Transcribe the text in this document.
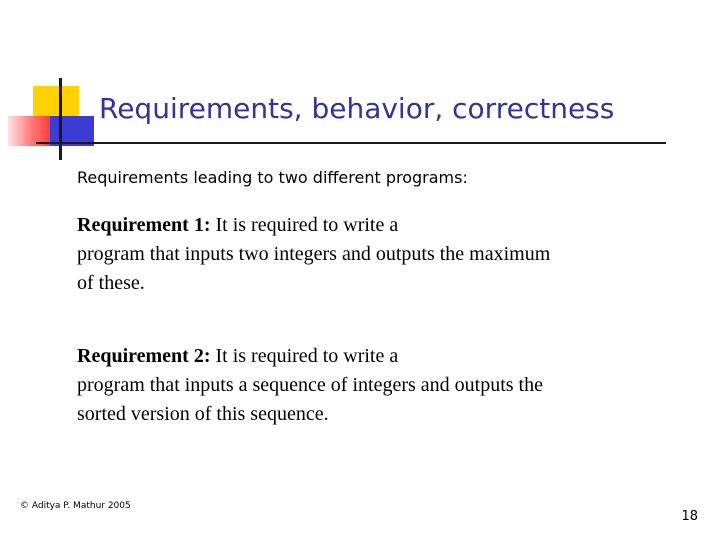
Requirements, behavior, correctness
Requirements leading to two different programs:
Requirement 1: It is required to write a
program that inputs two integers and outputs the maximum
of these.
Requirement 2: It is required to write a
program that inputs a sequence of integers and outputs the
sorted version of this sequence.
© Aditya P. Mathur 2005
18
